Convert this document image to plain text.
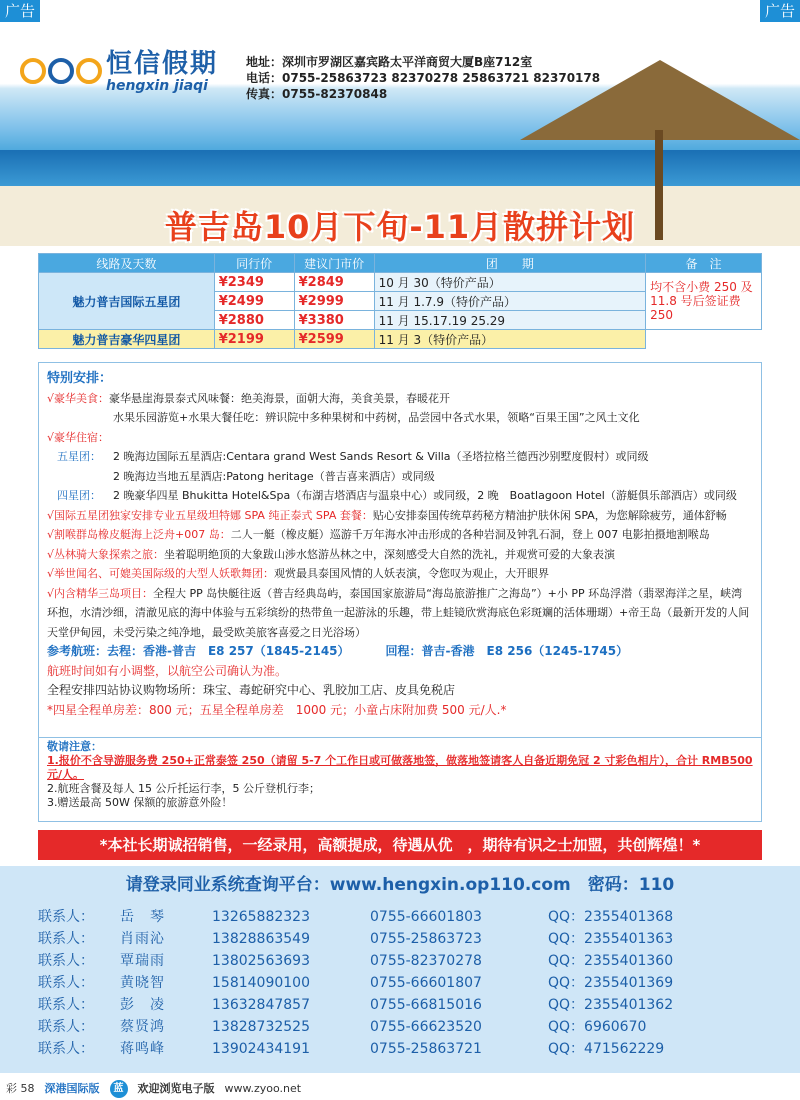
广告	广告
恒信假期
hengxin jiaqi
地址：深圳市罗湖区嘉宾路太平洋商贸大厦B座712室
电话：0755-25863723 82370278 25863721 82370178
传真：0755-82370848
普吉岛10月下旬-11月散拼计划
线路及天数	同行价	建议门市价	团　　期	备　注
魅力普吉国际五星团	¥2349	¥2849	10 月 30（特价产品）	均不含小费 250 及 11.8 号后签证费 250
	¥2499	¥2999	11 月 1.7.9（特价产品）	
	¥2880	¥3380	11 月 15.17.19 25.29	
魅力普吉豪华四星团	¥2199	¥2599	11 月 3（特价产品）	
特别安排：
√豪华美食：豪华悬崖海景泰式风味餐：绝美海景，面朝大海，美食美景，春暖花开
水果乐园游览+水果大餐任吃：辨识院中多种果树和中药树，品尝园中各式水果，领略“百果王国”之风土文化
√豪华住宿：
五星团： 2 晚海边国际五星酒店:Centara grand West Sands Resort & Villa（圣塔拉格兰德西沙别墅度假村）或同级
2 晚海边当地五星酒店:Patong heritage（普吉喜来酒店）或同级
四星团： 2 晚豪华四星 Bhukitta Hotel&Spa（布湖吉塔酒店与温泉中心）或同级，2 晚　Boatlagoon Hotel（游艇俱乐部酒店）或同级
√国际五星团独家安排专业五星级坦特娜 SPA 纯正泰式 SPA 套餐：贴心安排泰国传统草药秘方精油护肤休闲 SPA，为您解除疲劳，通体舒畅
√割喉群岛橡皮艇海上泛舟+007 岛：二人一艇（橡皮艇）巡游千万年海水冲击形成的各种岩洞及钟乳石洞，登上 007 电影拍摄地割喉岛
√丛林骑大象探索之旅：坐着聪明绝顶的大象跋山涉水悠游丛林之中，深刻感受大自然的洗礼，并观赏可爱的大象表演
√举世闻名、可媲美国际级的大型人妖歌舞团：观赏最具泰国风情的人妖表演，令您叹为观止，大开眼界
√内含精华三岛项目：全程大 PP 岛快艇往返（普吉经典岛屿，泰国国家旅游局“海岛旅游推广之海岛”）+小 PP 环岛浮潜（翡翠海洋之星，峡湾环抱，水清沙细，清澈见底的海中体验与五彩缤纷的热带鱼一起游泳的乐趣，带上蛙镜欣赏海底色彩斑斓的活体珊瑚）+帝王岛（最新开发的人间天堂伊甸园，未受污染之纯净地，最受欧美旅客喜爱之日光浴场）
参考航班：去程：香港-普吉　E8 257（1845-2145）	回程：普吉-香港　E8 256（1245-1745）
航班时间如有小调整，以航空公司确认为准。
全程安排四站协议购物场所：珠宝、毒蛇研究中心、乳胶加工店、皮具免税店
*四星全程单房差：800 元；五星全程单房差　1000 元；小童占床附加费 500 元/人.*
敬请注意：
1.报价不含导游服务费 250+正常泰签 250（请留 5-7 个工作日或可做落地签，做落地签请客人自备近期免冠 2 寸彩色相片），合计 RMB500 元/人。
2.航班含餐及每人 15 公斤托运行李，5 公斤登机行李；
3.赠送最高 50W 保额的旅游意外险！
*本社长期诚招销售，一经录用，高额提成，待遇从优　，期待有识之士加盟，共创辉煌！*
请登录同业系统查询平台：www.hengxin.op110.com　密码：110
联系人：	岳　琴	13265882323	0755-66601803	QQ：2355401368
联系人：	肖雨沁	13828863549	0755-25863723	QQ：2355401363
联系人：	覃瑞雨	13802563693	0755-82370278	QQ：2355401360
联系人：	黄晓智	15814090100	0755-66601807	QQ：2355401369
联系人：	彭　凌	13632847857	0755-66815016	QQ：2355401362
联系人：	蔡贤鸿	13828732525	0755-66623520	QQ：6960670
联系人：	蒋鸣峰	13902434191	0755-25863721	QQ：471562229
彩 58 深港国际版	蓝	欢迎浏览电子版 www.zyoo.net
